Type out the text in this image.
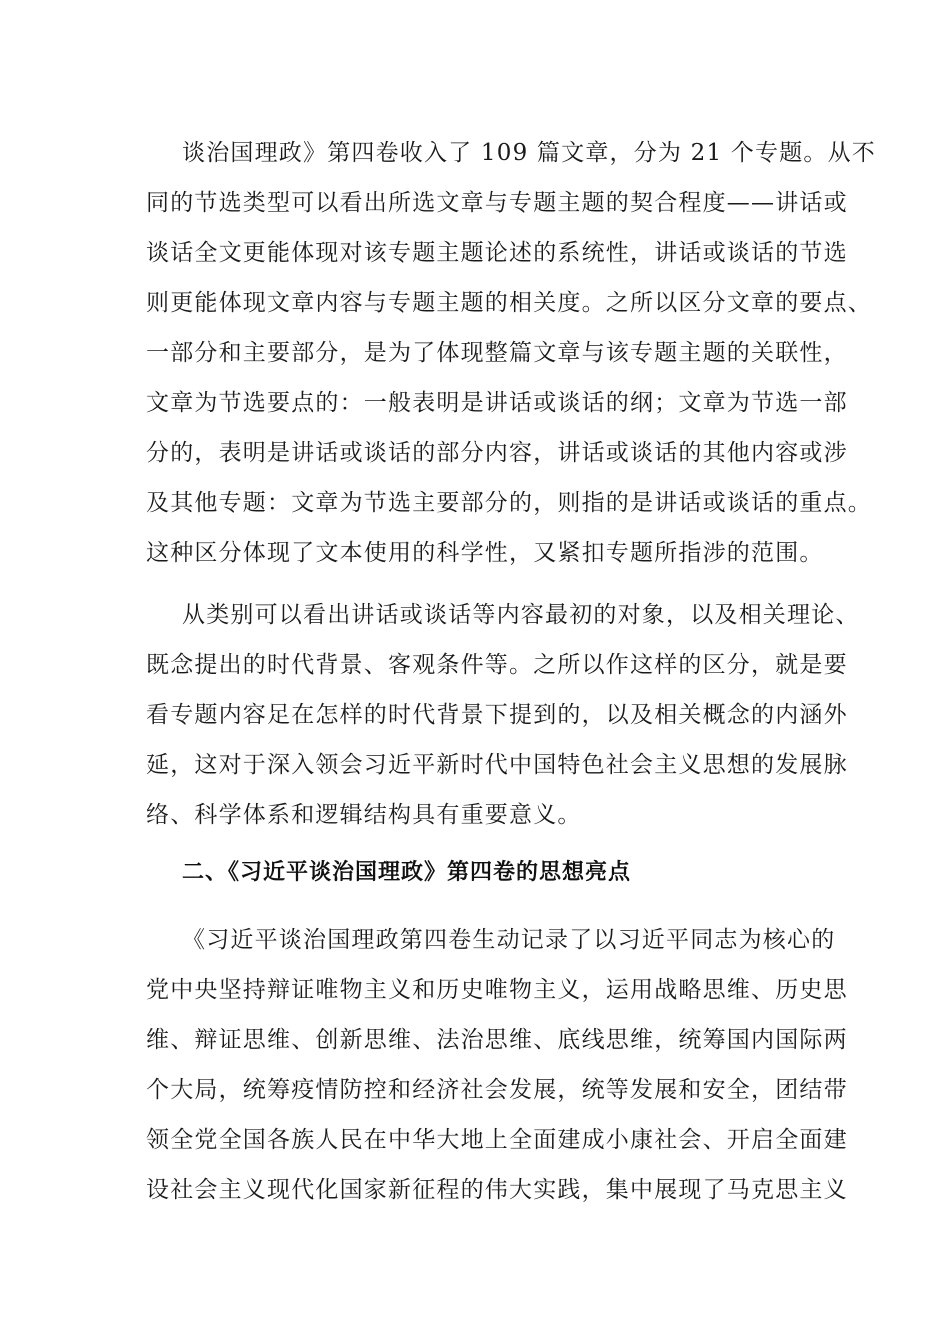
谈治国理政》第四卷收入了 109 篇文章，分为 21 个专题。从不
同的节选类型可以看出所选文章与专题主题的契合程度——讲话或
谈话全文更能体现对该专题主题论述的系统性，讲话或谈话的节选
则更能体现文章内容与专题主题的相关度。之所以区分文章的要点、
一部分和主要部分，是为了体现整篇文章与该专题主题的关联性，
文章为节选要点的：一般表明是讲话或谈话的纲；文章为节选一部
分的，表明是讲话或谈话的部分内容，讲话或谈话的其他内容或涉
及其他专题：文章为节选主要部分的，则指的是讲话或谈话的重点。
这种区分体现了文本使用的科学性，又紧扣专题所指涉的范围。
从类别可以看出讲话或谈话等内容最初的对象，以及相关理论、
既念提出的时代背景、客观条件等。之所以作这样的区分，就是要
看专题内容足在怎样的时代背景下提到的，以及相关概念的内涵外
延，这对于深入领会习近平新时代中国特色社会主义思想的发展脉
络、科学体系和逻辑结构具有重要意义。
二、《习近平谈治国理政》第四卷的思想亮点
《习近平谈治国理政第四卷生动记录了以习近平同志为核心的
党中央坚持辩证唯物主义和历史唯物主义，运用战略思维、历史思
维、辩证思维、创新思维、法治思维、底线思维，统筹国内国际两
个大局，统筹疫情防控和经济社会发展，统等发展和安全，团结带
领全党全国各族人民在中华大地上全面建成小康社会、开启全面建
设社会主义现代化国家新征程的伟大实践，集中展现了马克思主义
